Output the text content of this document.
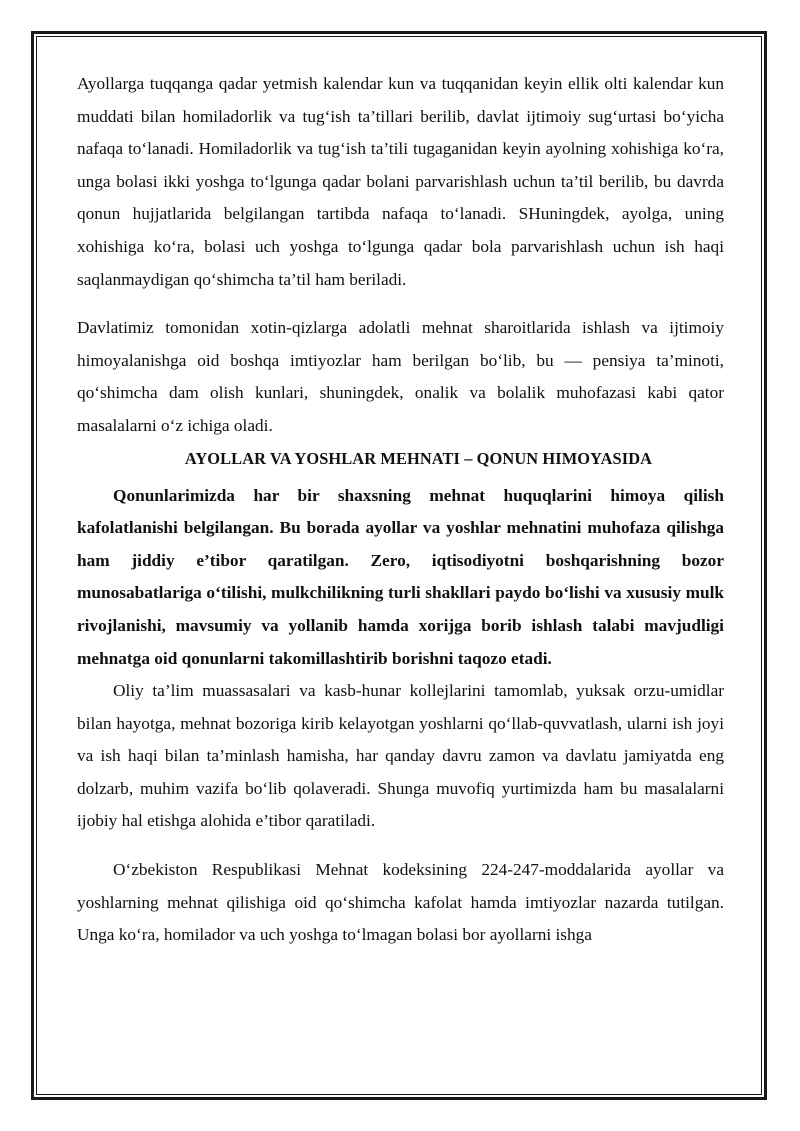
Ayollarga tuqqanga qadar yetmish kalendar kun va tuqqanidan keyin ellik olti kalendar kun muddati bilan homiladorlik va tug‘ish ta’tillari berilib, davlat ijtimoiy sug‘urtasi bo‘yicha nafaqa to‘lanadi. Homiladorlik va tug‘ish ta’tili tugaganidan keyin ayolning xohishiga ko‘ra, unga bolasi ikki yoshga to‘lgunga qadar bolani parvarishlash uchun ta’til berilib, bu davrda qonun hujjatlarida belgilangan tartibda nafaqa to‘lanadi. SHuningdek, ayolga, uning xohishiga ko‘ra, bolasi uch yoshga to‘lgunga qadar bola parvarishlash uchun ish haqi saqlanmaydigan qo‘shimcha ta’til ham beriladi.

Davlatimiz tomonidan xotin-qizlarga adolatli mehnat sharoitlarida ishlash va ijtimoiy himoyalanishga oid boshqa imtiyozlar ham berilgan bo‘lib, bu — pensiya ta’minoti, qo‘shimcha dam olish kunlari, shuningdek, onalik va bolalik muhofazasi kabi qator masalalarni o‘z ichiga oladi.

AYOLLAR VA YOSHLAR MEHNATI – QONUN HIMOYASIDA

Qonunlarimizda har bir shaxsning mehnat huquqlarini himoya qilish kafolatlanishi belgilangan. Bu borada ayollar va yoshlar mehnatini muhofaza qilishga ham jiddiy e’tibor qaratilgan. Zero, iqtisodiyotni boshqarishning bozor munosabatlariga o‘tilishi, mulkchilikning turli shakllari paydo bo‘lishi va xususiy mulk rivojlanishi, mavsumiy va yollanib hamda xorijga borib ishlash talabi mavjudligi mehnatga oid qonunlarni takomillashtirib borishni taqozo etadi.

Oliy ta’lim muassasalari va kasb-hunar kollejlarini tamomlab, yuksak orzu-umidlar bilan hayotga, mehnat bozoriga kirib kelayotgan yoshlarni qo‘llab-quvvatlash, ularni ish joyi va ish haqi bilan ta’minlash hamisha, har qanday davru zamon va davlatu jamiyatda eng dolzarb, muhim vazifa bo‘lib qolaveradi. Shunga muvofiq yurtimizda ham bu masalalarni ijobiy hal etishga alohida e’tibor qaratiladi.

O‘zbekiston Respublikasi Mehnat kodeksining 224-247-moddalarida ayollar va yoshlarning mehnat qilishiga oid qo‘shimcha kafolat hamda imtiyozlar nazarda tutilgan. Unga ko‘ra, homilador va uch yoshga to‘lmagan bolasi bor ayollarni ishga
